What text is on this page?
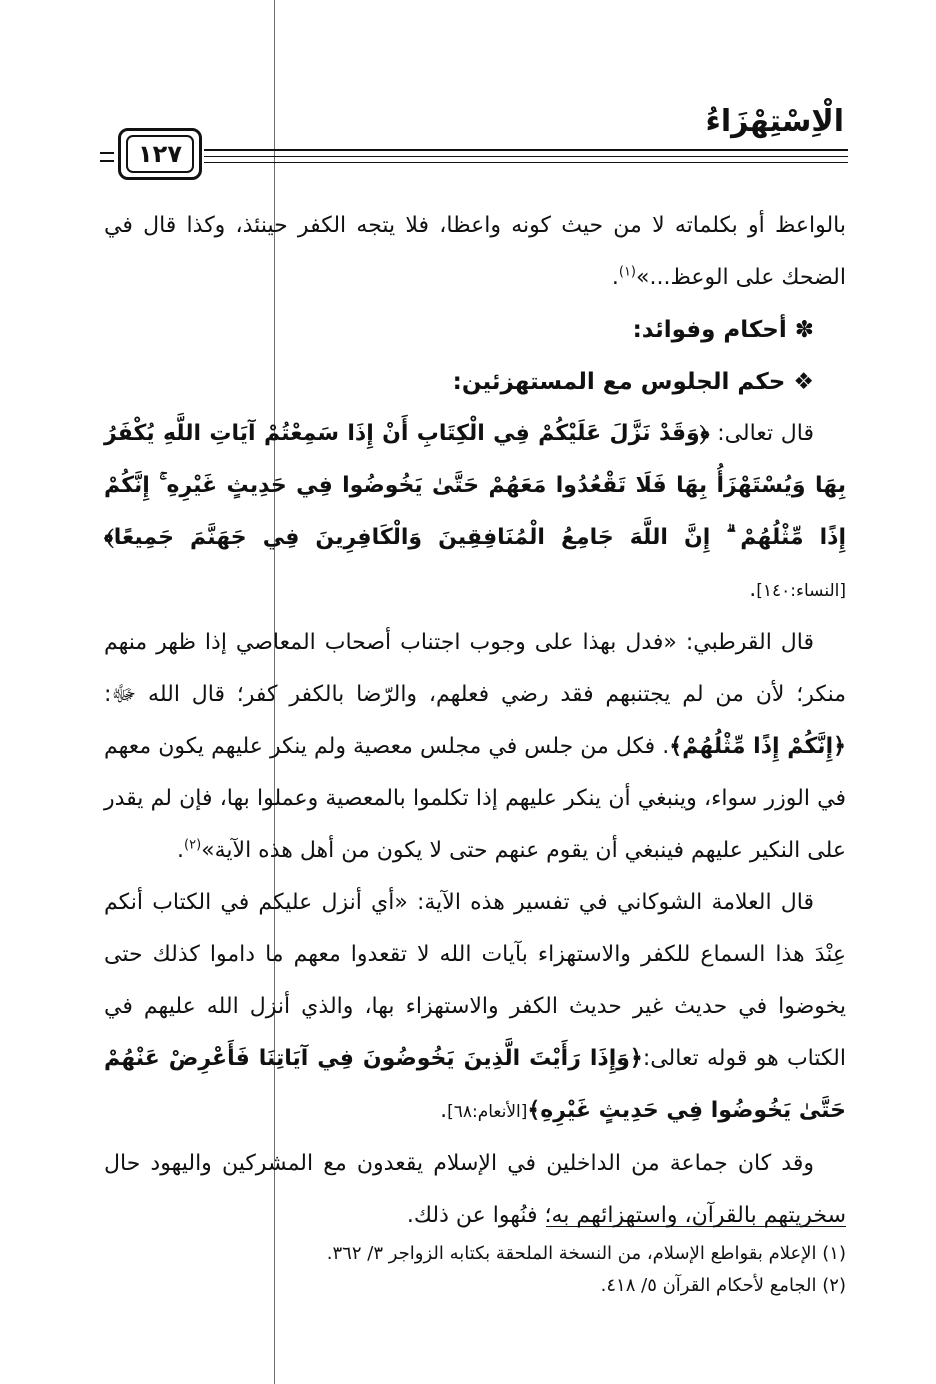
الْاِسْتِهْزَاءُ
١٢٧

بالواعظ أو بكلماته لا من حيث كونه واعظا، فلا يتجه الكفر حينئذ، وكذا قال في الضحك على الوعظ...»$^{(١)}$.

✽ أحكام وفوائد:

❖ حكم الجلوس مع المستهزئين:

قال تعالى: ﴿وَقَدْ نَزَّلَ عَلَيْكُمْ فِي الْكِتَابِ أَنْ إِذَا سَمِعْتُمْ آيَاتِ اللَّهِ يُكْفَرُ بِهَا وَيُسْتَهْزَأُ بِهَا فَلَا تَقْعُدُوا مَعَهُمْ حَتَّىٰ يَخُوضُوا فِي حَدِيثٍ غَيْرِهِ ۚ إِنَّكُمْ إِذًا مِّثْلُهُمْ ۗ إِنَّ اللَّهَ جَامِعُ الْمُنَافِقِينَ وَالْكَافِرِينَ فِي جَهَنَّمَ جَمِيعًا﴾ [النساء:١٤٠].

قال القرطبي: «فدل بهذا على وجوب اجتناب أصحاب المعاصي إذا ظهر منهم منكر؛ لأن من لم يجتنبهم فقد رضي فعلهم، والرّضا بالكفر كفر؛ قال الله ﷻ: ﴿إِنَّكُمْ إِذًا مِّثْلُهُمْ﴾. فكل من جلس في مجلس معصية ولم ينكر عليهم يكون معهم في الوزر سواء، وينبغي أن ينكر عليهم إذا تكلموا بالمعصية وعملوا بها، فإن لم يقدر على النكير عليهم فينبغي أن يقوم عنهم حتى لا يكون من أهل هذه الآية»$^{(٢)}$.

قال العلامة الشوكاني في تفسير هذه الآية: «أي أنزل عليكم في الكتاب أنكم عِنْدَ هذا السماع للكفر والاستهزاء بآيات الله لا تقعدوا معهم ما داموا كذلك حتى يخوضوا في حديث غير حديث الكفر والاستهزاء بها، والذي أنزل الله عليهم في الكتاب هو قوله تعالى:﴿وَإِذَا رَأَيْتَ الَّذِينَ يَخُوضُونَ فِي آيَاتِنَا فَأَعْرِضْ عَنْهُمْ حَتَّىٰ يَخُوضُوا فِي حَدِيثٍ غَيْرِهِ﴾[الأنعام:٦٨].

وقد كان جماعة من الداخلين في الإسلام يقعدون مع المشركين واليهود حال سخريتهم بالقرآن، واستهزائهم به؛ فنُهوا عن ذلك.

(١) الإعلام بقواطع الإسلام، من النسخة الملحقة بكتابه الزواجر ٣/ ٣٦٢.

(٢) الجامع لأحكام القرآن ٥/ ٤١٨.
